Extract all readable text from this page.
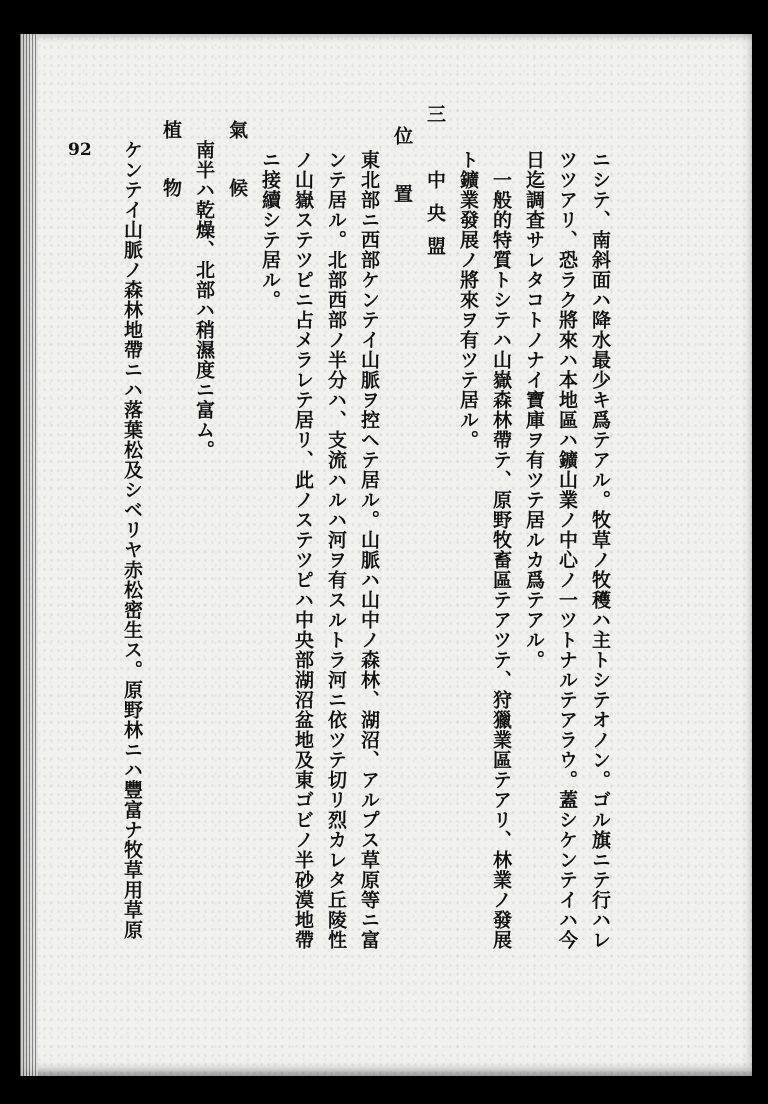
92	ニシテ、南斜面ハ降水最少キ爲テアル。牧草ノ牧穫ハ主トシテオノン。ゴル旗ニテ行ハレ
ツツアリ、恐ラク將來ハ本地區ハ鑛山業ノ中心ノ一ツトナルテアラウ。蓋シケンテイハ今
日迄調査サレタコトノナイ寶庫ヲ有ツテ居ルカ爲テアル。
一般的特質トシテハ山嶽森林帶テ、原野牧畜區テアツテ、狩獵業區テアリ、林業ノ發展
ト鑛業發展ノ將來ヲ有ツテ居ル。
三　中央盟
位　置
東北部ニ西部ケンテイ山脈ヲ控ヘテ居ル。山脈ハ山中ノ森林、湖沼、アルプス草原等ニ富
ンテ居ル。北部西部ノ半分ハ、支流ハルハ河ヲ有スルトラ河ニ依ツテ切リ烈カレタ丘陵性
ノ山嶽ステツピニ占メラレテ居リ、此ノステツピハ中央部湖沼盆地及東ゴビノ半砂漠地帶
ニ接續シテ居ル。
氣　候
南半ハ乾燥、北部ハ稍濕度ニ富ム。
植　物
ケンテイ山脈ノ森林地帶ニハ落葉松及シベリヤ赤松密生ス。原野林ニハ豐富ナ牧草用草原
